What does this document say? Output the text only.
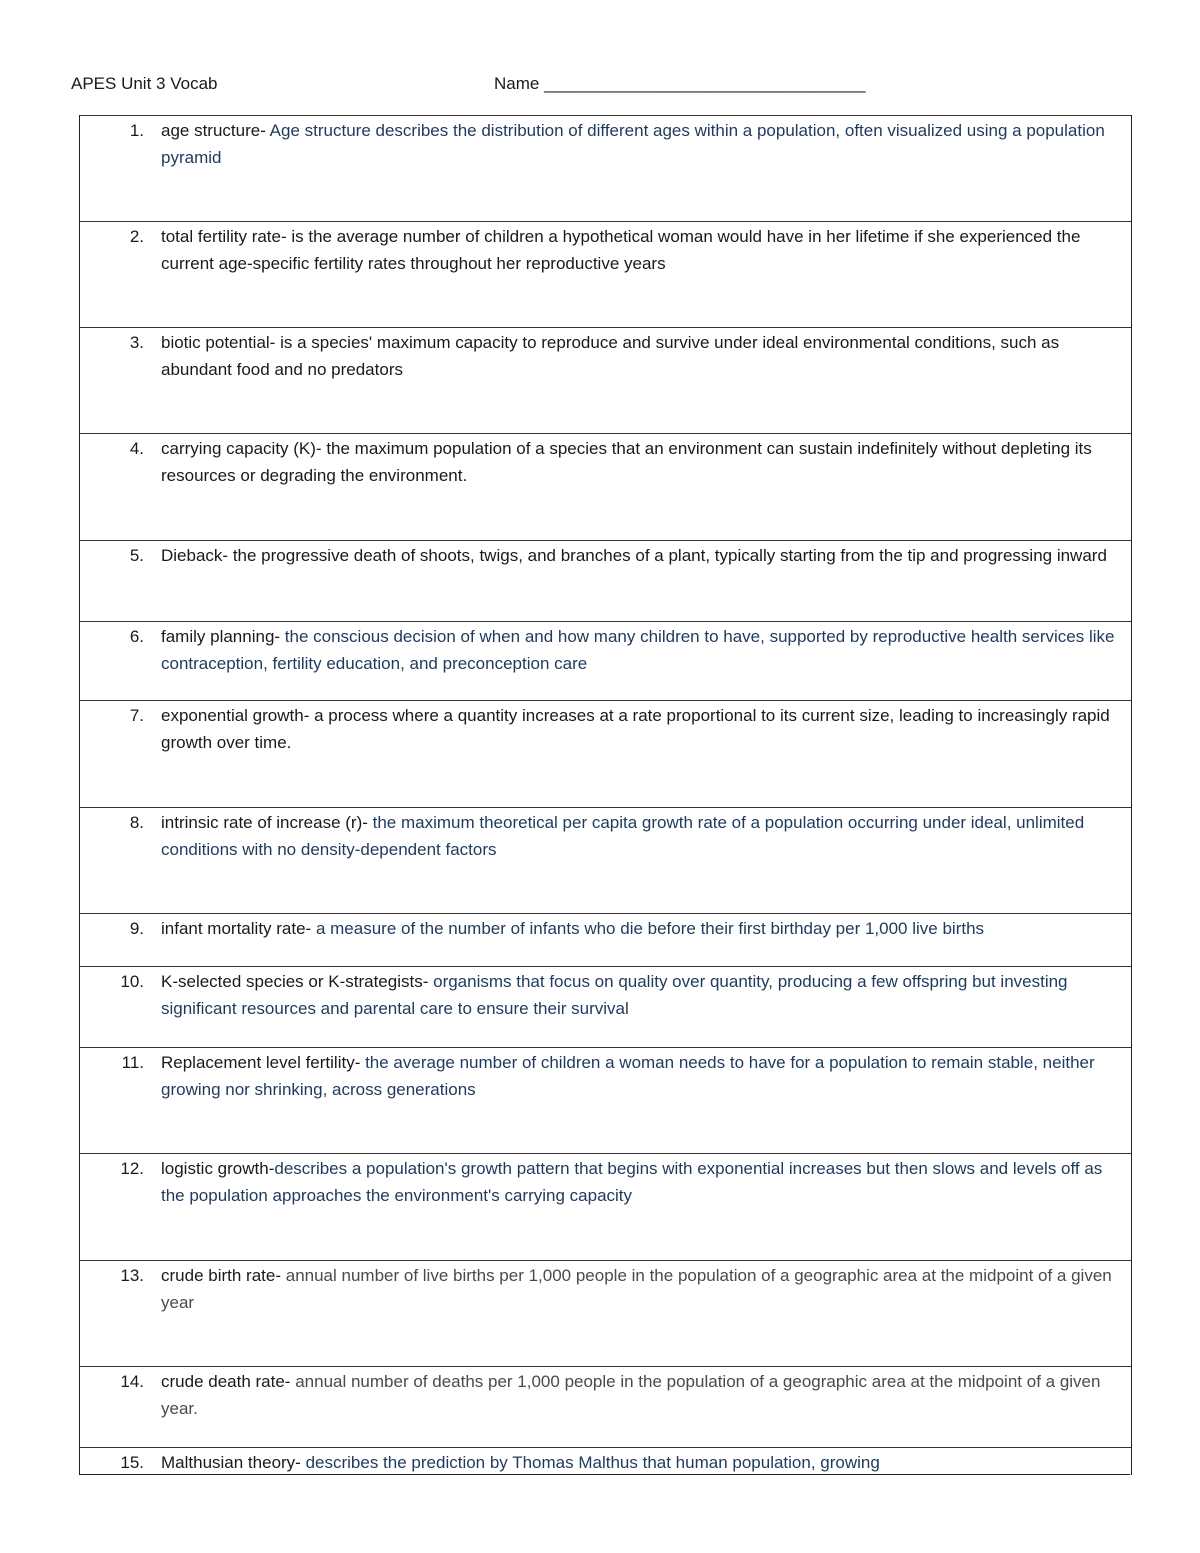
APES Unit 3 Vocab	Name __________________________________
1. age structure- Age structure describes the distribution of different ages within a population, often visualized using a population pyramid
2. total fertility rate- is the average number of children a hypothetical woman would have in her lifetime if she experienced the current age-specific fertility rates throughout her reproductive years
3. biotic potential- is a species' maximum capacity to reproduce and survive under ideal environmental conditions, such as abundant food and no predators
4. carrying capacity (K)- the maximum population of a species that an environment can sustain indefinitely without depleting its resources or degrading the environment.
5. Dieback- the progressive death of shoots, twigs, and branches of a plant, typically starting from the tip and progressing inward
6. family planning- the conscious decision of when and how many children to have, supported by reproductive health services like contraception, fertility education, and preconception care
7. exponential growth- a process where a quantity increases at a rate proportional to its current size, leading to increasingly rapid growth over time.
8. intrinsic rate of increase (r)- the maximum theoretical per capita growth rate of a population occurring under ideal, unlimited conditions with no density-dependent factors
9. infant mortality rate- a measure of the number of infants who die before their first birthday per 1,000 live births
10. K-selected species or K-strategists- organisms that focus on quality over quantity, producing a few offspring but investing significant resources and parental care to ensure their survival
11. Replacement level fertility- the average number of children a woman needs to have for a population to remain stable, neither growing nor shrinking, across generations
12. logistic growth-describes a population's growth pattern that begins with exponential increases but then slows and levels off as the population approaches the environment's carrying capacity
13. crude birth rate- annual number of live births per 1,000 people in the population of a geographic area at the midpoint of a given year
14. crude death rate- annual number of deaths per 1,000 people in the population of a geographic area at the midpoint of a given year.
15. Malthusian theory- describes the prediction by Thomas Malthus that human population, growing
